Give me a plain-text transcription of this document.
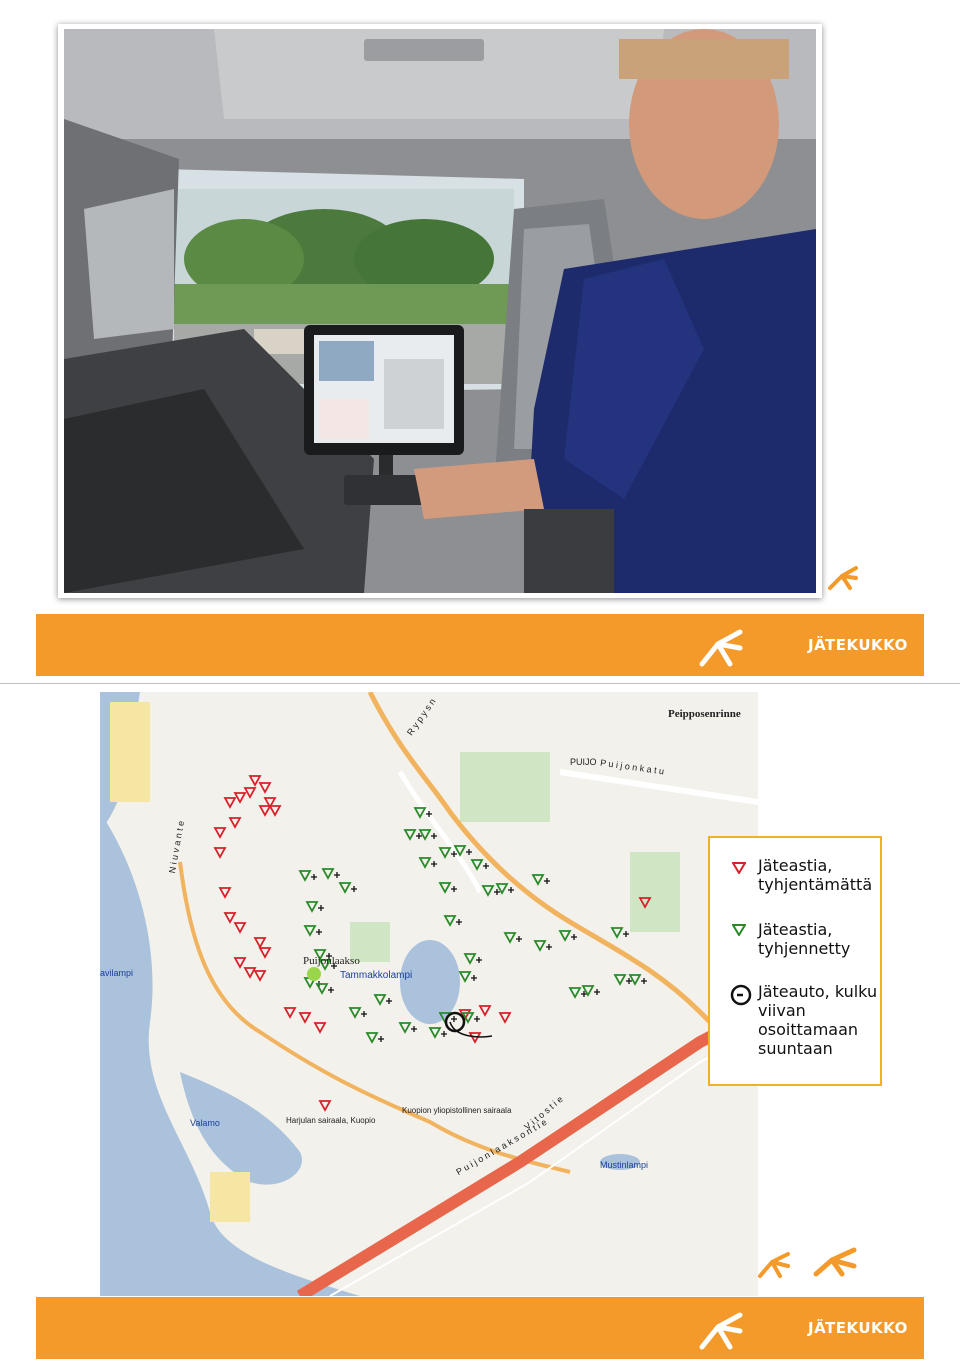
JÄTEKUKKO
Peipposenrinne
PUIJO P u i j o n k a t u
R y p y s n
N i u v a n t e
Puijonlaakso
Tammakkolampi
avilampi
Valamo	Harjulan sairaala, Kuopio
Kuopion yliopistollinen sairaala V i t o s t i e
P u i j o n l a a k s o n t i e	Mustinlampi
Jäteastia,
tyhjentämättä
Jäteastia,
tyhjennetty
Jäteauto, kulku
viivan
osoittamaan
suuntaan
JÄTEKUKKO
